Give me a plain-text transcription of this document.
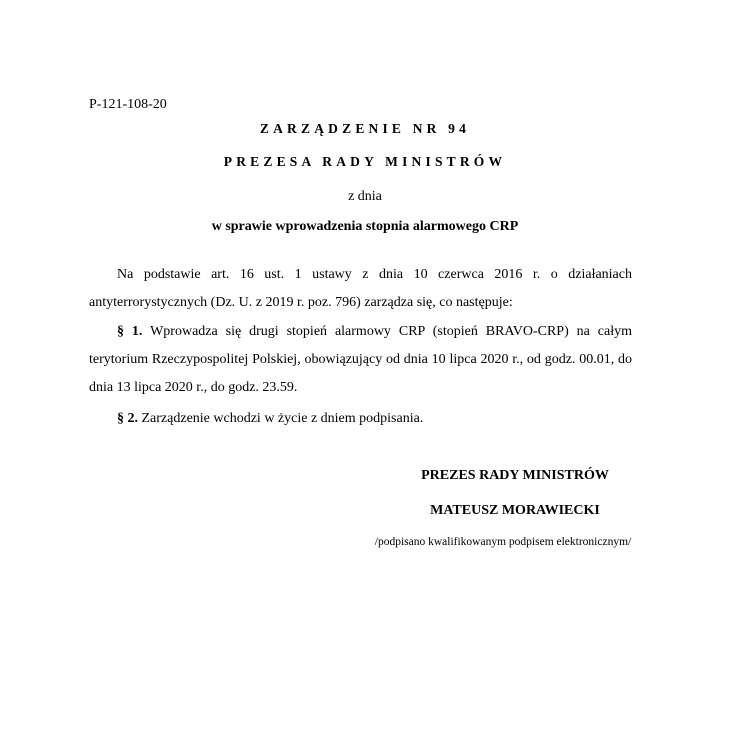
P-121-108-20
ZARZĄDZENIE NR 94
PREZESA RADY MINISTRÓW
z dnia
w sprawie wprowadzenia stopnia alarmowego CRP

Na podstawie art. 16 ust. 1 ustawy z dnia 10 czerwca 2016 r. o działaniach antyterrorystycznych (Dz. U. z 2019 r. poz. 796) zarządza się, co następuje:

§ 1. Wprowadza się drugi stopień alarmowy CRP (stopień BRAVO-CRP) na całym terytorium Rzeczypospolitej Polskiej, obowiązujący od dnia 10 lipca 2020 r., od godz. 00.01, do dnia 13 lipca 2020 r., do godz. 23.59.

§ 2. Zarządzenie wchodzi w życie z dniem podpisania.

PREZES RADY MINISTRÓW
MATEUSZ MORAWIECKI
/podpisano kwalifikowanym podpisem elektronicznym/
